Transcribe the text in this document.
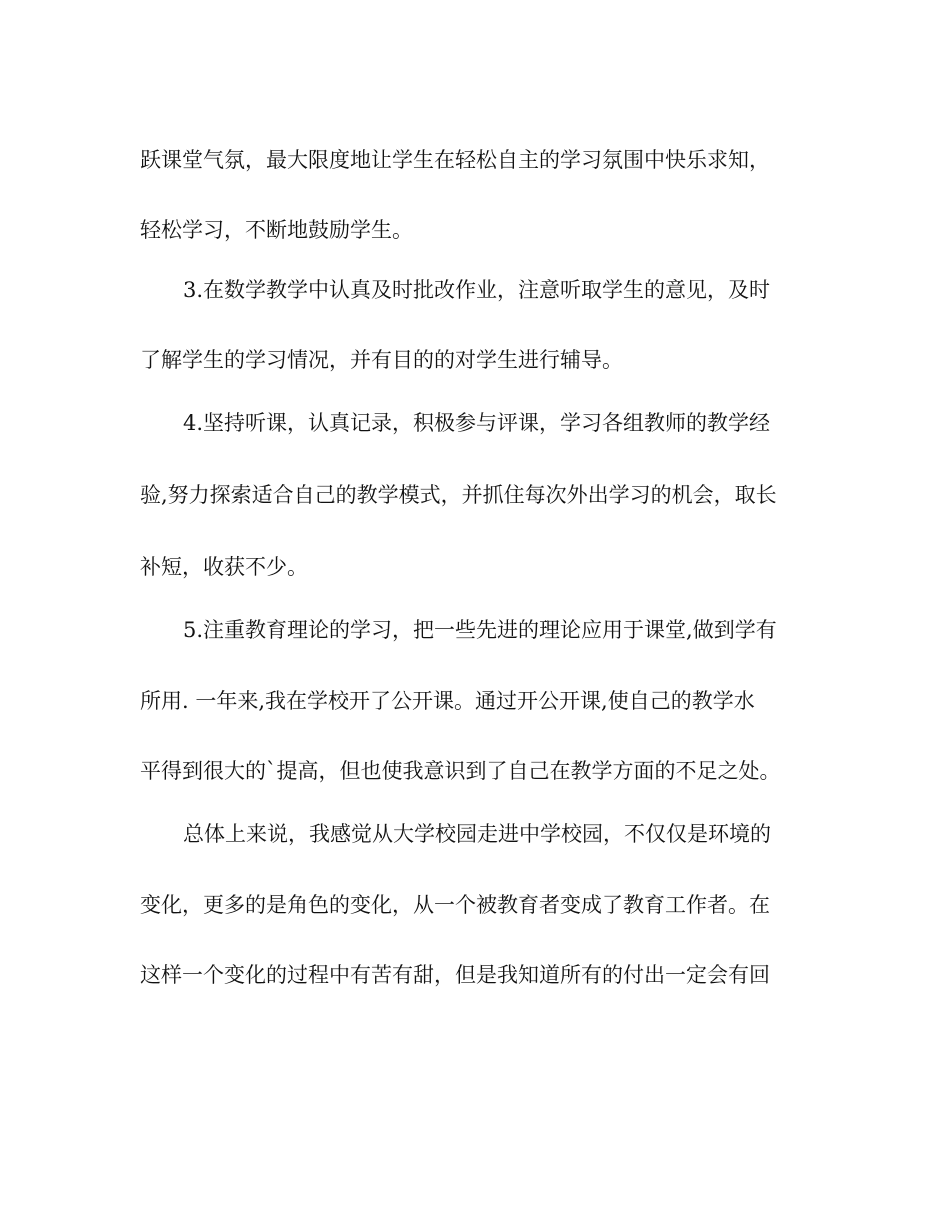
跃课堂气氛，最大限度地让学生在轻松自主的学习氛围中快乐求知，
轻松学习，不断地鼓励学生。
3.在数学教学中认真及时批改作业，注意听取学生的意见，及时
了解学生的学习情况，并有目的的对学生进行辅导。
4.坚持听课，认真记录，积极参与评课，学习各组教师的教学经
验,努力探索适合自己的教学模式，并抓住每次外出学习的机会，取长
补短，收获不少。
5.注重教育理论的学习，把一些先进的理论应用于课堂,做到学有
所用. 一年来,我在学校开了公开课。通过开公开课,使自己的教学水
平得到很大的`提高，但也使我意识到了自己在教学方面的不足之处。
总体上来说，我感觉从大学校园走进中学校园，不仅仅是环境的
变化，更多的是角色的变化，从一个被教育者变成了教育工作者。在
这样一个变化的过程中有苦有甜，但是我知道所有的付出一定会有回
